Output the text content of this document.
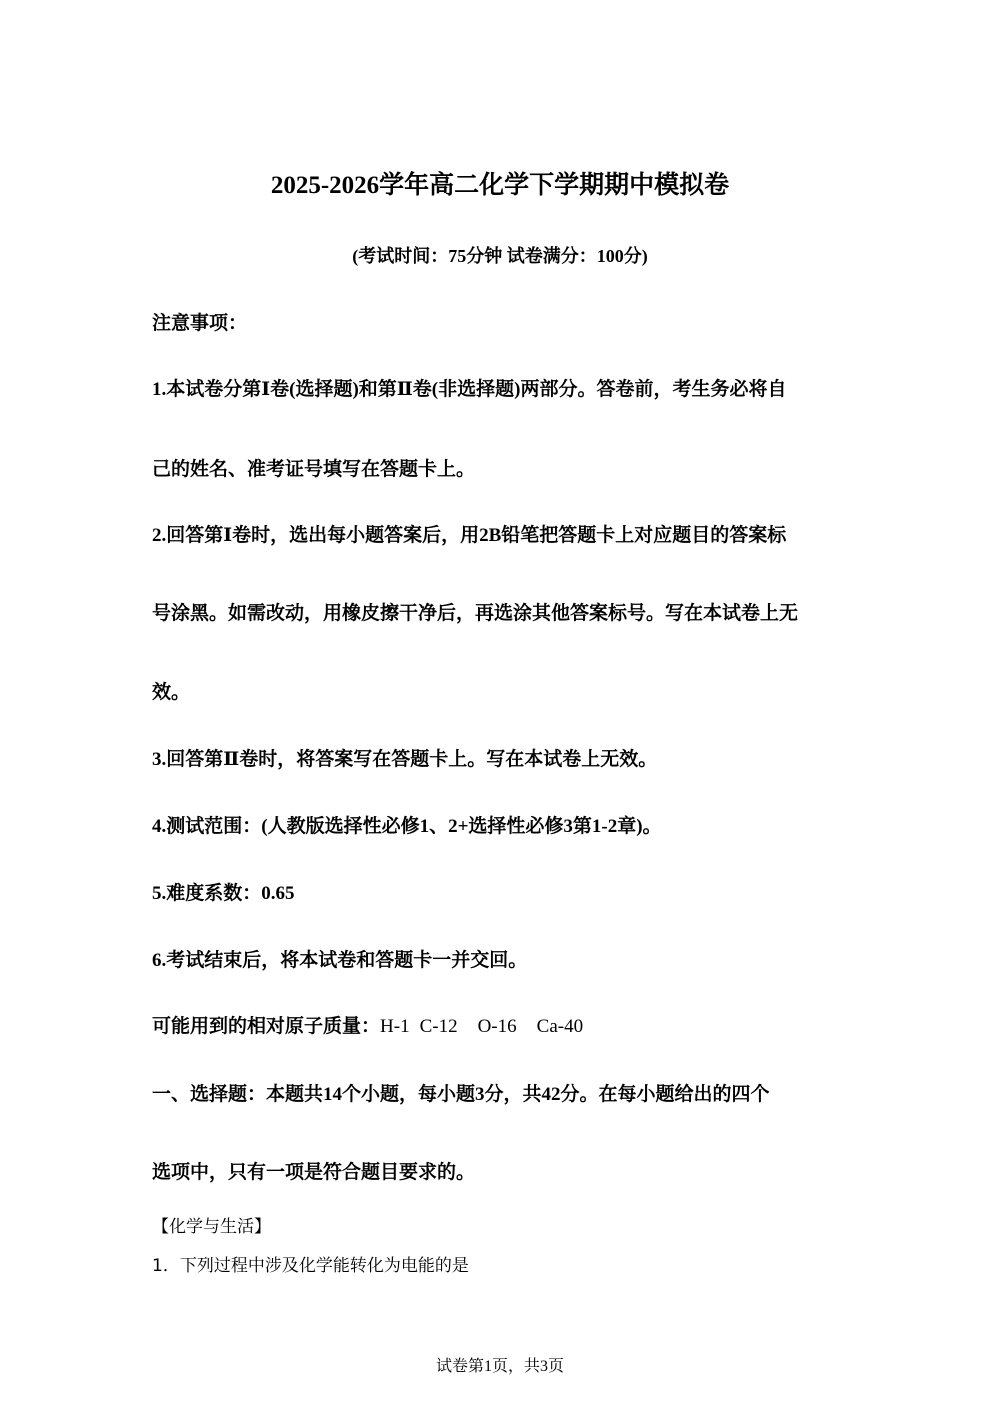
2025-2026学年高二化学下学期期中模拟卷
(考试时间：75分钟 试卷满分：100分)
注意事项：
1.本试卷分第Ⅰ卷(选择题)和第Ⅱ卷(非选择题)两部分。答卷前，考生务必将自
己的姓名、准考证号填写在答题卡上。
2.回答第Ⅰ卷时，选出每小题答案后，用2B铅笔把答题卡上对应题目的答案标
号涂黑。如需改动，用橡皮擦干净后，再选涂其他答案标号。写在本试卷上无
效。
3.回答第Ⅱ卷时，将答案写在答题卡上。写在本试卷上无效。
4.测试范围：(人教版选择性必修1、2+选择性必修3第1-2章)。
5.难度系数：0.65
6.考试结束后，将本试卷和答题卡一并交回。
可能用到的相对原子质量：H-1 C-12 O-16 Ca-40
一、选择题：本题共14个小题，每小题3分，共42分。在每小题给出的四个
选项中，只有一项是符合题目要求的。
【化学与生活】
1．下列过程中涉及化学能转化为电能的是
试卷第1页，共3页
